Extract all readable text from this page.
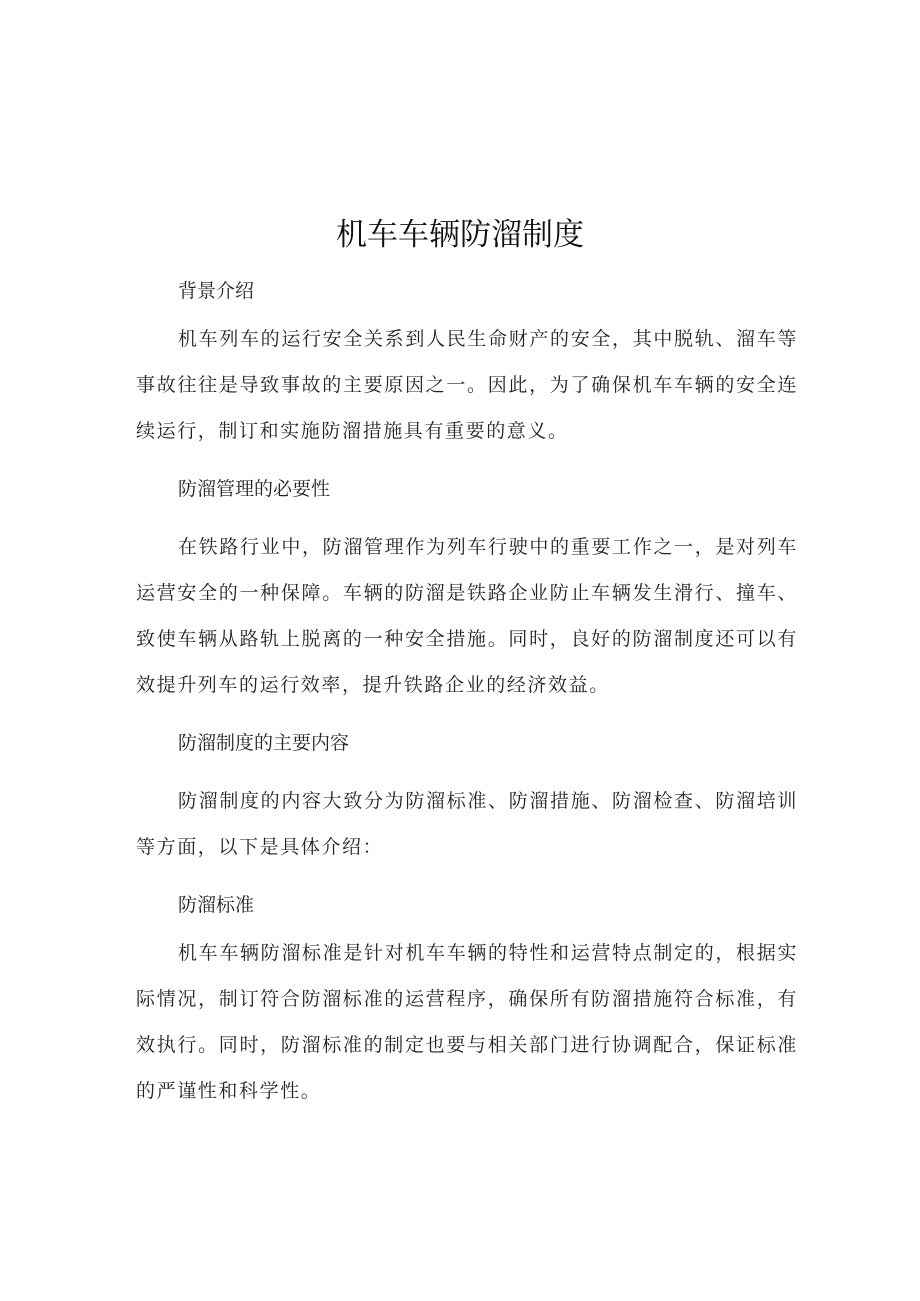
机车车辆防溜制度
背景介绍

机车列车的运行安全关系到人民生命财产的安全，其中脱轨、溜车等事故往往是导致事故的主要原因之一。因此，为了确保机车车辆的安全连续运行，制订和实施防溜措施具有重要的意义。

防溜管理的必要性

在铁路行业中，防溜管理作为列车行驶中的重要工作之一，是对列车运营安全的一种保障。车辆的防溜是铁路企业防止车辆发生滑行、撞车、致使车辆从路轨上脱离的一种安全措施。同时，良好的防溜制度还可以有效提升列车的运行效率，提升铁路企业的经济效益。

防溜制度的主要内容

防溜制度的内容大致分为防溜标准、防溜措施、防溜检查、防溜培训等方面，以下是具体介绍：

防溜标准

机车车辆防溜标准是针对机车车辆的特性和运营特点制定的，根据实际情况，制订符合防溜标准的运营程序，确保所有防溜措施符合标准，有效执行。同时，防溜标准的制定也要与相关部门进行协调配合，保证标准的严谨性和科学性。
